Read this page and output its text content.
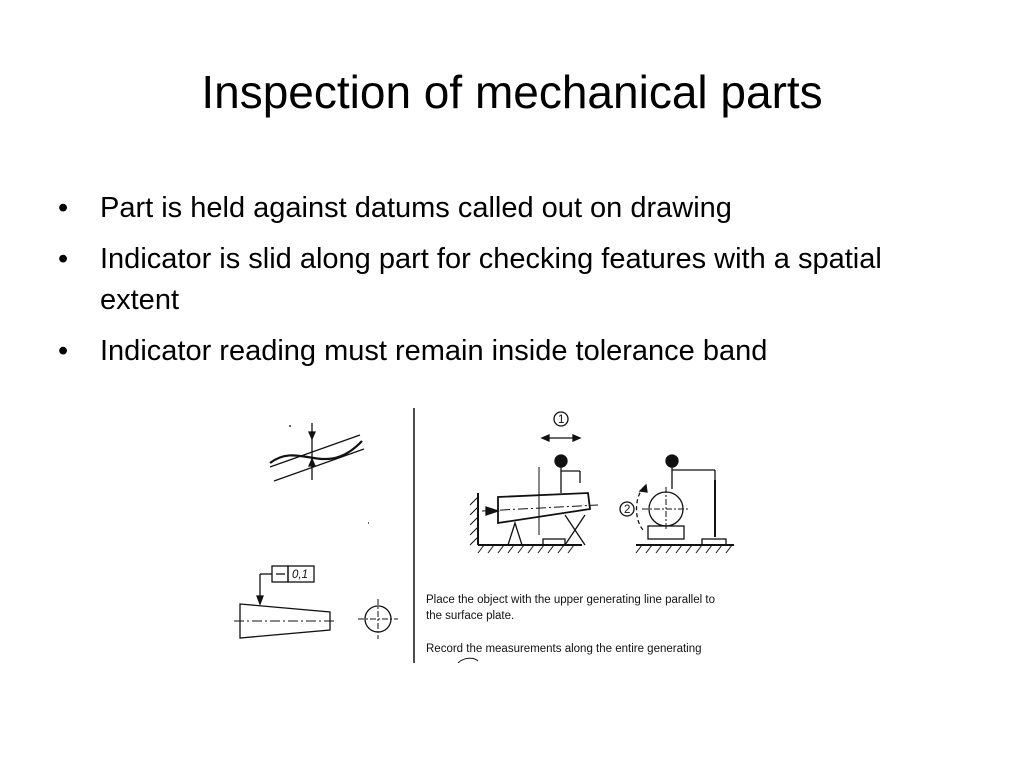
Inspection of mechanical parts
• Part is held against datums called out on drawing
• Indicator is slid along part for checking features with a spatial extent
• Indicator reading must remain inside tolerance band
0,1
1
2
Place the object with the upper generating line parallel to
the surface plate.
Record the measurements along the entire generating
